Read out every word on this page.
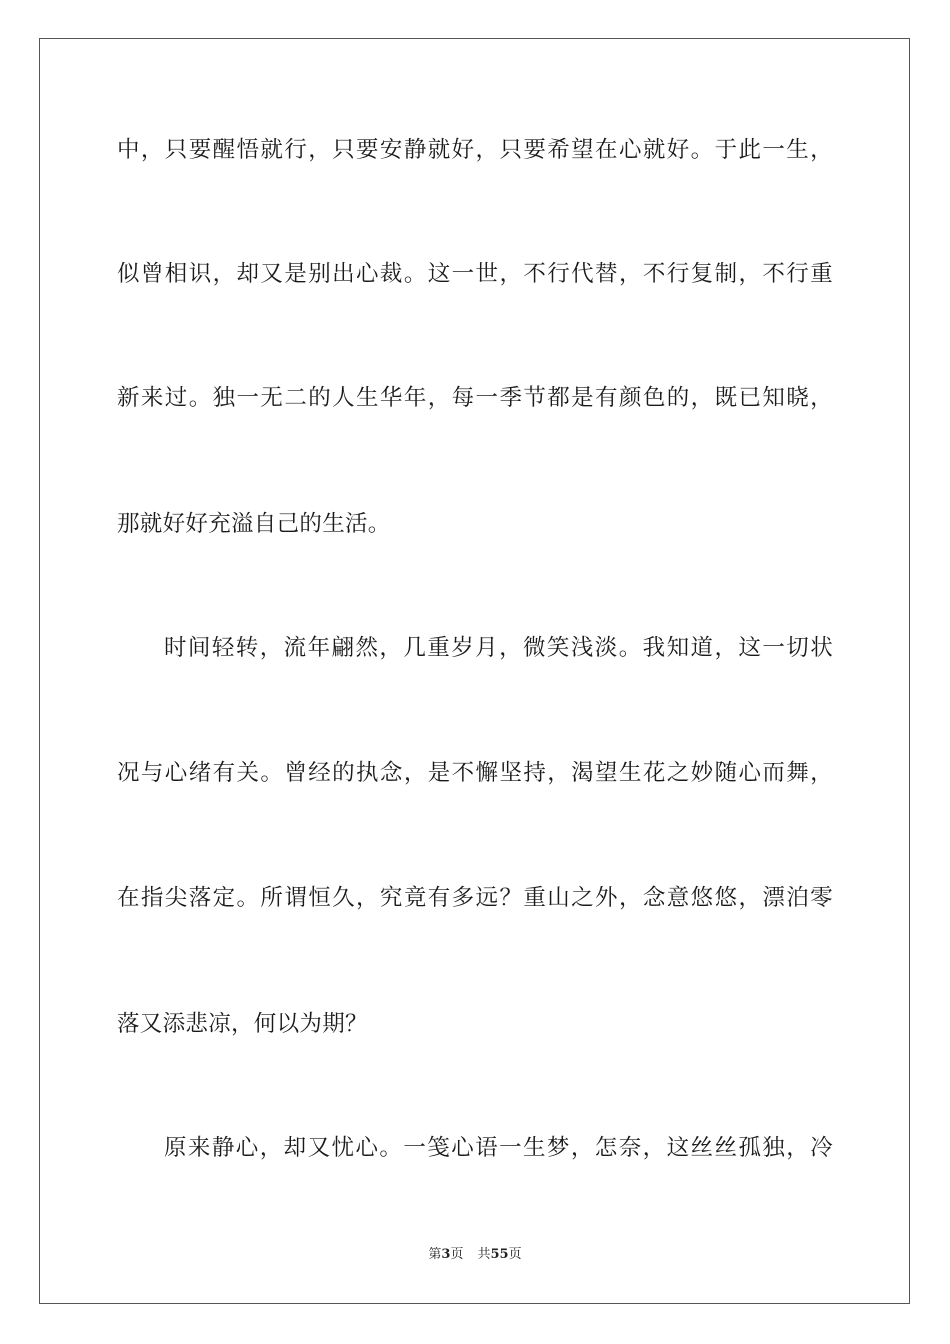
中，只要醒悟就行，只要安静就好，只要希望在心就好。于此一生，
似曾相识，却又是别出心裁。这一世，不行代替，不行复制，不行重
新来过。独一无二的人生华年，每一季节都是有颜色的，既已知晓，
那就好好充溢自己的生活。
时间轻转，流年翩然，几重岁月，微笑浅淡。我知道，这一切状
况与心绪有关。曾经的执念，是不懈坚持，渴望生花之妙随心而舞，
在指尖落定。所谓恒久，究竟有多远？重山之外，念意悠悠，漂泊零
落又添悲凉，何以为期？
原来静心，却又忧心。一笺心语一生梦，怎奈，这丝丝孤独，冷
第3页 共55页
